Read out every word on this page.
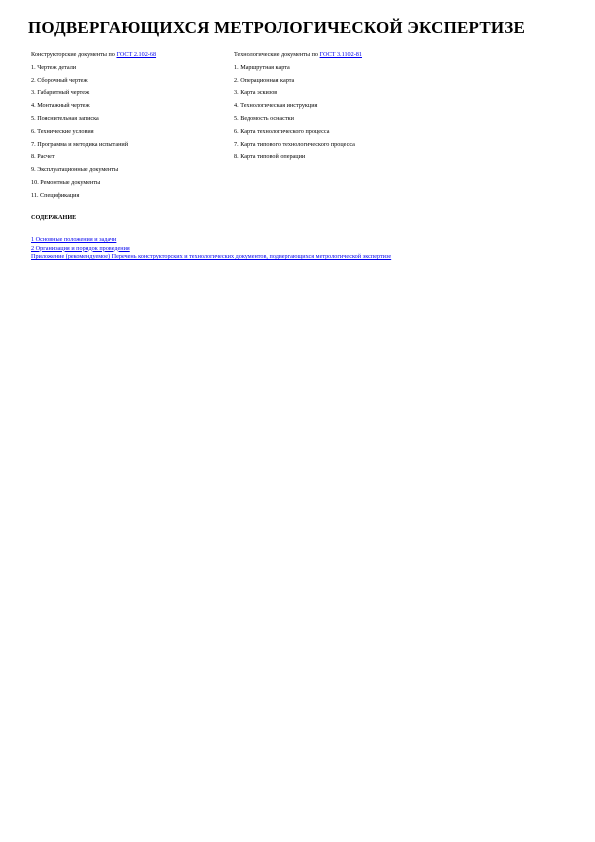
ПОДВЕРГАЮЩИХСЯ МЕТРОЛОГИЧЕСКОЙ ЭКСПЕРТИЗЕ
Конструкторские документы по ГОСТ 2.102-68	Технологические документы по ГОСТ 3.1102-81
1. Чертеж детали	1. Маршрутная карта
2. Сборочный чертеж	2. Операционная карта
3. Габаритный чертеж	3. Карта эскизов
4. Монтажный чертеж	4. Технологическая инструкция
5. Пояснительная записка	5. Ведомость оснастки
6. Технические условия	6. Карта технологического процесса
7. Программа и методика испытаний	7. Карта типового технологического процесса
8. Расчет	8. Карта типовой операции
9. Эксплуатационные документы	
10. Ремонтные документы	
11. Спецификация	
СОДЕРЖАНИЕ
1 Основные положения и задачи
2 Организация и порядок проведения
Приложение (рекомендуемое) Перечень конструкторских и технологических документов, подвергающихся метрологической экспертизе
